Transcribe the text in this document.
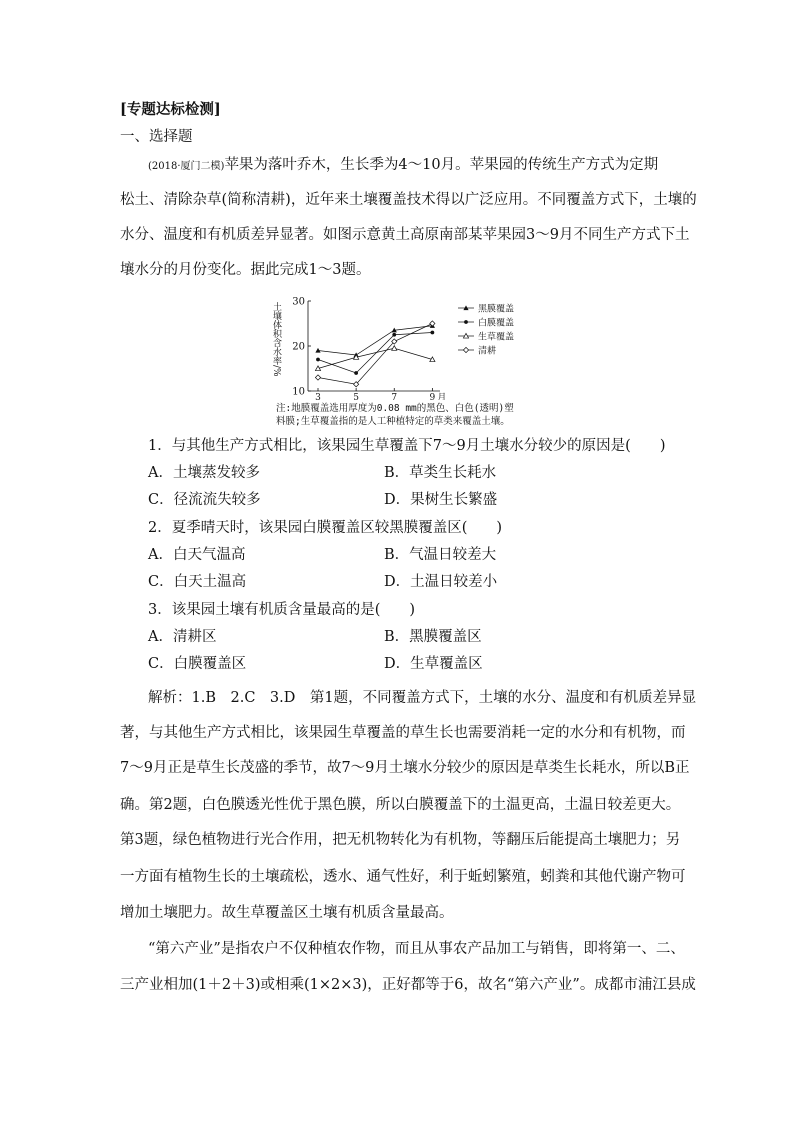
[专题达标检测]
一、选择题
(2018·厦门二模)苹果为落叶乔木，生长季为4～10月。苹果园的传统生产方式为定期
松土、清除杂草(简称清耕)，近年来土壤覆盖技术得以广泛应用。不同覆盖方式下，土壤的
水分、温度和有机质差异显著。如图示意黄土高原南部某苹果园3～9月不同生产方式下土
壤水分的月份变化。据此完成1～3题。
土壤体积含水率/%
10
20
30
3	5	7	9 月
黑膜覆盖
白膜覆盖
生草覆盖
清耕
注:地膜覆盖选用厚度为0.08 mm的黑色、白色(透明)塑
料膜;生草覆盖指的是人工种植特定的草类来覆盖土壤。
1．与其他生产方式相比，该果园生草覆盖下7～9月土壤水分较少的原因是(　　)
A．土壤蒸发较多	B．草类生长耗水
C．径流流失较多	D．果树生长繁盛
2．夏季晴天时，该果园白膜覆盖区较黑膜覆盖区(　　)
A．白天气温高	B．气温日较差大
C．白天土温高	D．土温日较差小
3．该果园土壤有机质含量最高的是(　　)
A．清耕区	B．黑膜覆盖区
C．白膜覆盖区	D．生草覆盖区
解析：1.B　2.C　3.D　第1题，不同覆盖方式下，土壤的水分、温度和有机质差异显
著，与其他生产方式相比，该果园生草覆盖的草生长也需要消耗一定的水分和有机物，而
7～9月正是草生长茂盛的季节，故7～9月土壤水分较少的原因是草类生长耗水，所以B正
确。第2题，白色膜透光性优于黑色膜，所以白膜覆盖下的土温更高，土温日较差更大。
第3题，绿色植物进行光合作用，把无机物转化为有机物，等翻压后能提高土壤肥力；另
一方面有植物生长的土壤疏松，透水、通气性好，利于蚯蚓繁殖，蚓粪和其他代谢产物可
增加土壤肥力。故生草覆盖区土壤有机质含量最高。
“第六产业”是指农户不仅种植农作物，而且从事农产品加工与销售，即将第一、二、
三产业相加(1＋2＋3)或相乘(1×2×3)，正好都等于6，故名“第六产业”。成都市浦江县成
